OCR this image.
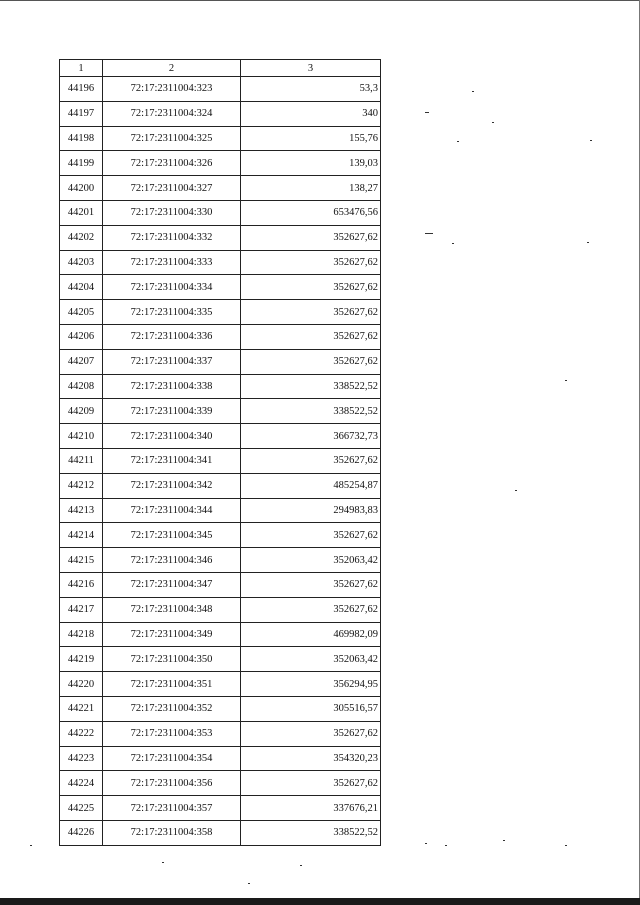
1	2	3
44196	72:17:2311004:323	53,3
44197	72:17:2311004:324	340
44198	72:17:2311004:325	155,76
44199	72:17:2311004:326	139,03
44200	72:17:2311004:327	138,27
44201	72:17:2311004:330	653476,56
44202	72:17:2311004:332	352627,62
44203	72:17:2311004:333	352627,62
44204	72:17:2311004:334	352627,62
44205	72:17:2311004:335	352627,62
44206	72:17:2311004:336	352627,62
44207	72:17:2311004:337	352627,62
44208	72:17:2311004:338	338522,52
44209	72:17:2311004:339	338522,52
44210	72:17:2311004:340	366732,73
44211	72:17:2311004:341	352627,62
44212	72:17:2311004:342	485254,87
44213	72:17:2311004:344	294983,83
44214	72:17:2311004:345	352627,62
44215	72:17:2311004:346	352063,42
44216	72:17:2311004:347	352627,62
44217	72:17:2311004:348	352627,62
44218	72:17:2311004:349	469982,09
44219	72:17:2311004:350	352063,42
44220	72:17:2311004:351	356294,95
44221	72:17:2311004:352	305516,57
44222	72:17:2311004:353	352627,62
44223	72:17:2311004:354	354320,23
44224	72:17:2311004:356	352627,62
44225	72:17:2311004:357	337676,21
44226	72:17:2311004:358	338522,52
